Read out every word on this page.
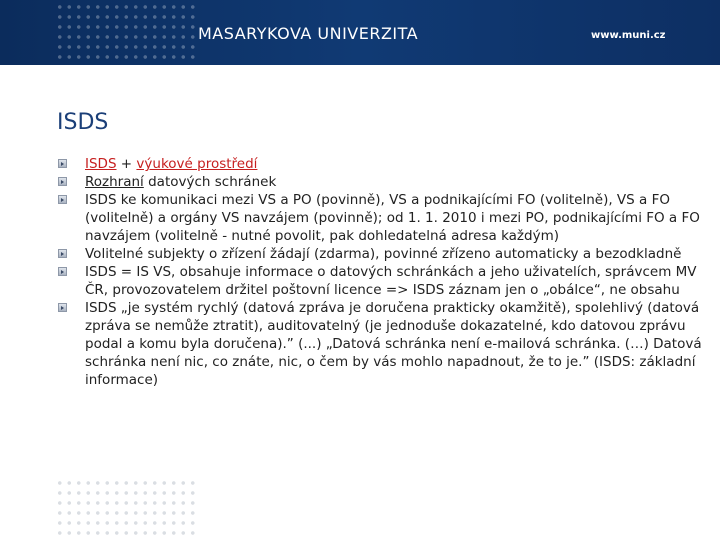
MASARYKOVA UNIVERZITA	www.muni.cz
ISDS
ISDS + výukové prostředí
Rozhraní datových schránek
ISDS ke komunikaci mezi VS a PO (povinně), VS a podnikajícími FO (volitelně), VS a FO (volitelně) a orgány VS navzájem (povinně); od 1. 1. 2010 i mezi PO, podnikajícími FO a FO navzájem (volitelně - nutné povolit, pak dohledatelná adresa každým)
Volitelné subjekty o zřízení žádají (zdarma), povinné zřízeno automaticky a bezodkladně
ISDS = IS VS, obsahuje informace o datových schránkách a jeho uživatelích, správcem MV ČR, provozovatelem držitel poštovní licence => ISDS záznam jen o „obálce“, ne obsahu
ISDS „je systém rychlý (datová zpráva je doručena prakticky okamžitě), spolehlivý (datová zpráva se nemůže ztratit), auditovatelný (je jednoduše dokazatelné, kdo datovou zprávu podal a komu byla doručena).” (...) „Datová schránka není e-mailová schránka. (…) Datová schránka není nic, co znáte, nic, o čem by vás mohlo napadnout, že to je.” (ISDS: základní informace)
